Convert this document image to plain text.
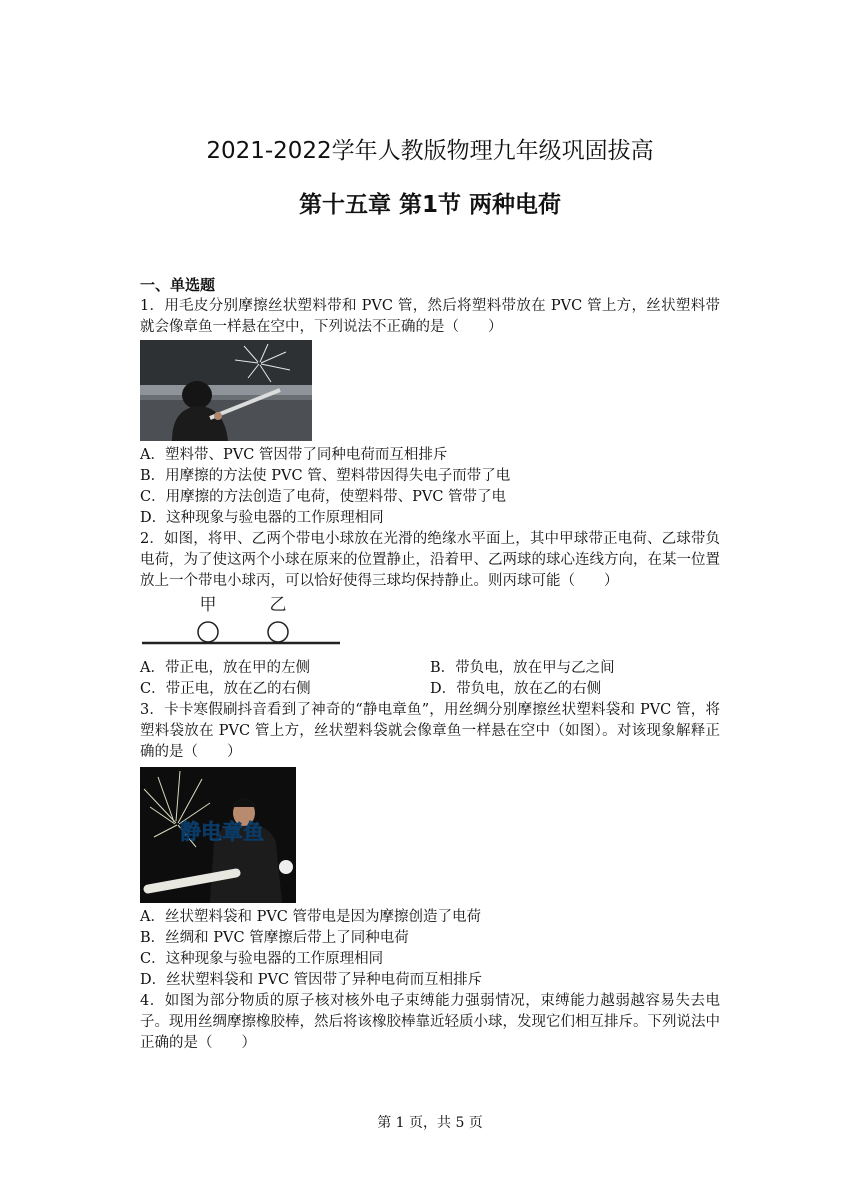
2021-2022学年人教版物理九年级巩固拔高
第十五章 第1节 两种电荷
一、单选题
1．用毛皮分别摩擦丝状塑料带和 PVC 管，然后将塑料带放在 PVC 管上方，丝状塑料带就会像章鱼一样悬在空中，下列说法不正确的是（　　）
A．塑料带、PVC 管因带了同种电荷而互相排斥
B．用摩擦的方法使 PVC 管、塑料带因得失电子而带了电
C．用摩擦的方法创造了电荷，使塑料带、PVC 管带了电
D．这种现象与验电器的工作原理相同
2．如图，将甲、乙两个带电小球放在光滑的绝缘水平面上，其中甲球带正电荷、乙球带负电荷，为了使这两个小球在原来的位置静止，沿着甲、乙两球的球心连线方向，在某一位置放上一个带电小球丙，可以恰好使得三球均保持静止。则丙球可能（　　）
甲	乙
A．带正电，放在甲的左侧	B．带负电，放在甲与乙之间
C．带正电，放在乙的右侧	D．带负电，放在乙的右侧
3．卡卡寒假刷抖音看到了神奇的“静电章鱼”，用丝绸分别摩擦丝状塑料袋和 PVC 管，将塑料袋放在 PVC 管上方，丝状塑料袋就会像章鱼一样悬在空中（如图）。对该现象解释正确的是（　　）
静电章鱼
A．丝状塑料袋和 PVC 管带电是因为摩擦创造了电荷
B．丝绸和 PVC 管摩擦后带上了同种电荷
C．这种现象与验电器的工作原理相同
D．丝状塑料袋和 PVC 管因带了异种电荷而互相排斥
4．如图为部分物质的原子核对核外电子束缚能力强弱情况，束缚能力越弱越容易失去电子。现用丝绸摩擦橡胶棒，然后将该橡胶棒靠近轻质小球，发现它们相互排斥。下列说法中正确的是（　　）
第 1 页，共 5 页
